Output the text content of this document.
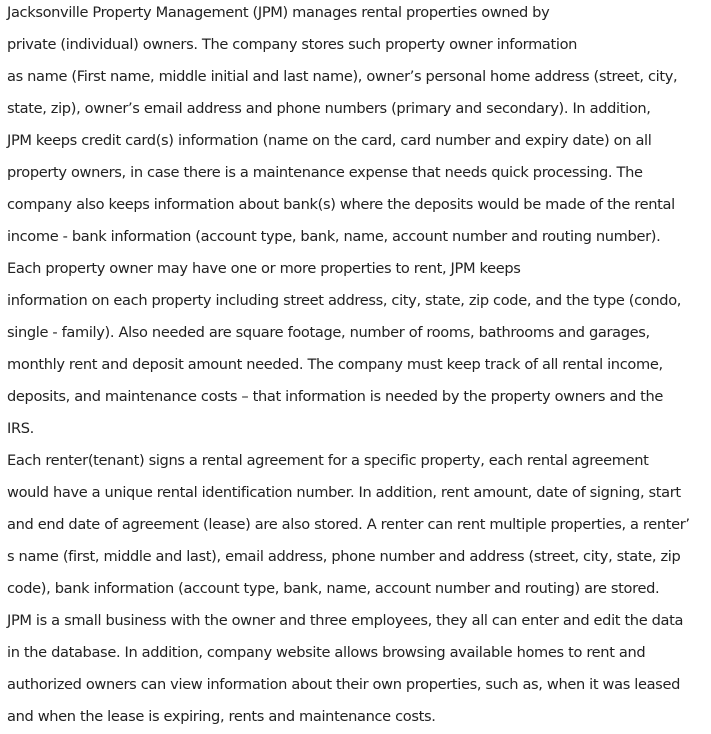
Jacksonville Property Management (JPM) manages rental properties owned by
private (individual) owners. The company stores such property owner information
as name (First name, middle initial and last name), owner’s personal home address (street, city,
state, zip), owner’s email address and phone numbers (primary and secondary). In addition,
JPM keeps credit card(s) information (name on the card, card number and expiry date) on all
property owners, in case there is a maintenance expense that needs quick processing. The
company also keeps information about bank(s) where the deposits would be made of the rental
income - bank information (account type, bank, name, account number and routing number).
Each property owner may have one or more properties to rent, JPM keeps
information on each property including street address, city, state, zip code, and the type (condo,
single - family). Also needed are square footage, number of rooms, bathrooms and garages,
monthly rent and deposit amount needed. The company must keep track of all rental income,
deposits, and maintenance costs – that information is needed by the property owners and the
IRS.
Each renter(tenant) signs a rental agreement for a specific property, each rental agreement
would have a unique rental identification number. In addition, rent amount, date of signing, start
and end date of agreement (lease) are also stored. A renter can rent multiple properties, a renter’
s name (first, middle and last), email address, phone number and address (street, city, state, zip
code), bank information (account type, bank, name, account number and routing) are stored.
JPM is a small business with the owner and three employees, they all can enter and edit the data
in the database. In addition, company website allows browsing available homes to rent and
authorized owners can view information about their own properties, such as, when it was leased
and when the lease is expiring, rents and maintenance costs.
